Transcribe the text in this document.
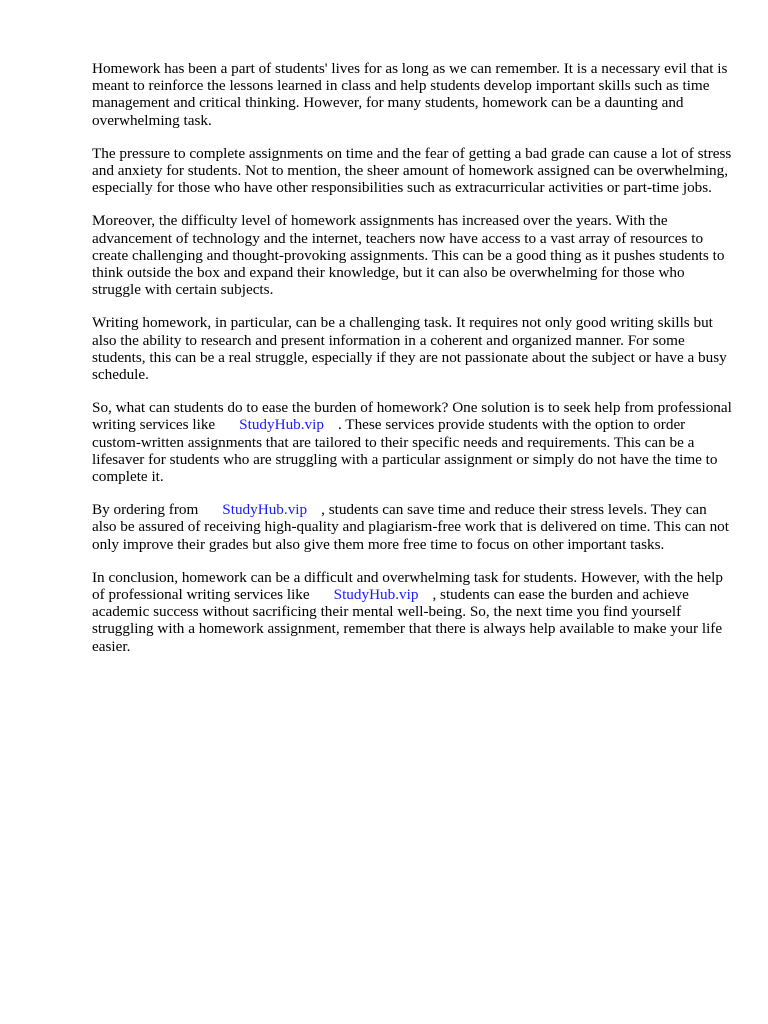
Homework has been a part of students' lives for as long as we can remember. It is a necessary evil that is meant to reinforce the lessons learned in class and help students develop important skills such as time management and critical thinking. However, for many students, homework can be a daunting and overwhelming task.

The pressure to complete assignments on time and the fear of getting a bad grade can cause a lot of stress and anxiety for students. Not to mention, the sheer amount of homework assigned can be overwhelming, especially for those who have other responsibilities such as extracurricular activities or part-time jobs.

Moreover, the difficulty level of homework assignments has increased over the years. With the advancement of technology and the internet, teachers now have access to a vast array of resources to create challenging and thought-provoking assignments. This can be a good thing as it pushes students to think outside the box and expand their knowledge, but it can also be overwhelming for those who struggle with certain subjects.

Writing homework, in particular, can be a challenging task. It requires not only good writing skills but also the ability to research and present information in a coherent and organized manner. For some students, this can be a real struggle, especially if they are not passionate about the subject or have a busy schedule.

So, what can students do to ease the burden of homework? One solution is to seek help from professional writing services like StudyHub.vip . These services provide students with the option to order custom-written assignments that are tailored to their specific needs and requirements. This can be a lifesaver for students who are struggling with a particular assignment or simply do not have the time to complete it.

By ordering from StudyHub.vip , students can save time and reduce their stress levels. They can also be assured of receiving high-quality and plagiarism-free work that is delivered on time. This can not only improve their grades but also give them more free time to focus on other important tasks.

In conclusion, homework can be a difficult and overwhelming task for students. However, with the help of professional writing services like StudyHub.vip , students can ease the burden and achieve academic success without sacrificing their mental well-being. So, the next time you find yourself struggling with a homework assignment, remember that there is always help available to make your life easier.
